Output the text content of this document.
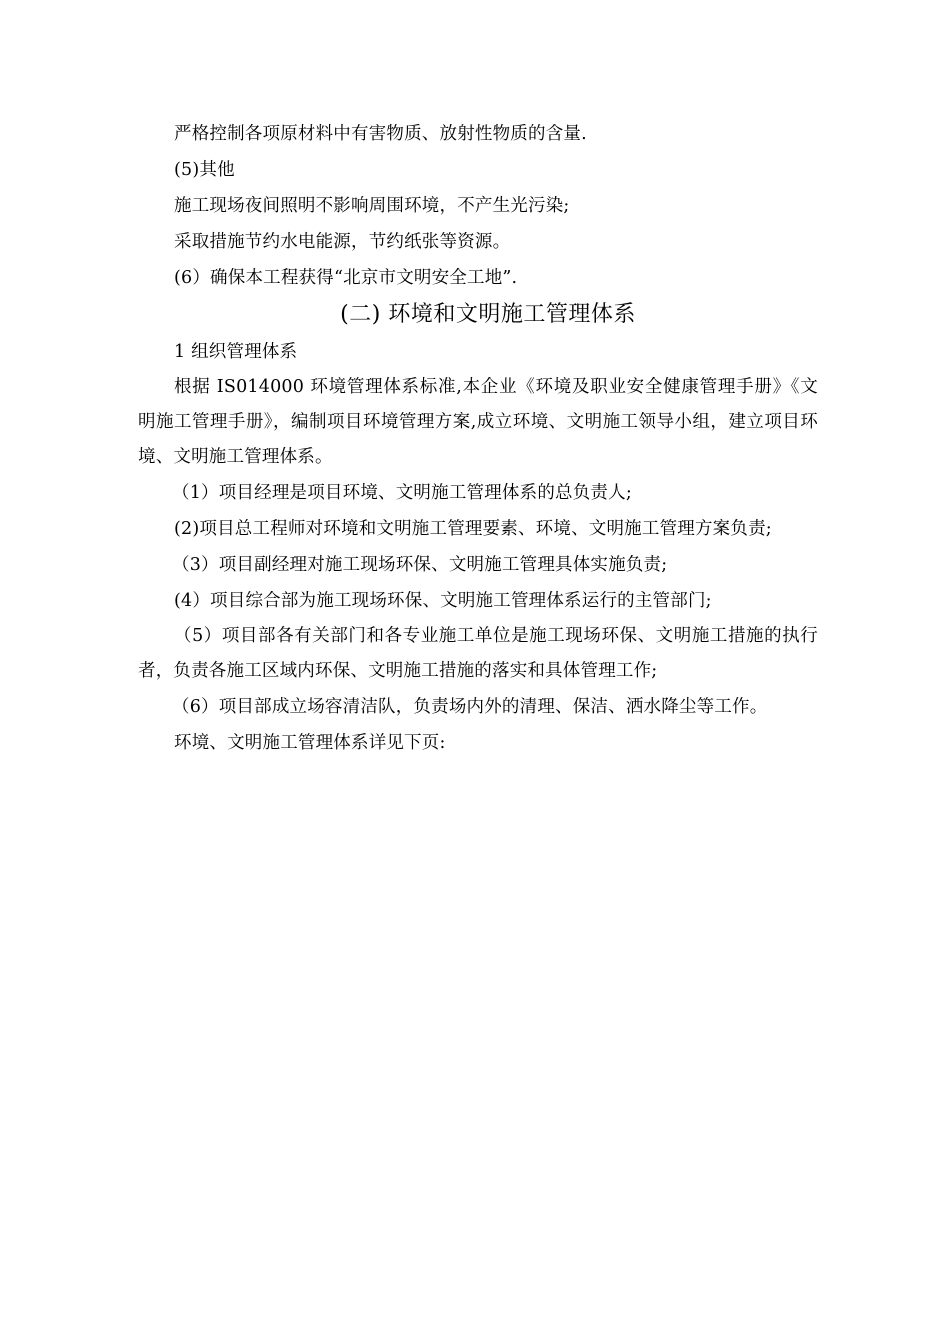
严格控制各项原材料中有害物质、放射性物质的含量.
(5)其他
施工现场夜间照明不影响周围环境，不产生光污染;
采取措施节约水电能源，节约纸张等资源。
(6）确保本工程获得“北京市文明安全工地”.
(二) 环境和文明施工管理体系
1 组织管理体系
根据 IS014000 环境管理体系标准,本企业《环境及职业安全健康管理手册》《文明施工管理手册》，编制项目环境管理方案,成立环境、文明施工领导小组，建立项目环境、文明施工管理体系。
（1）项目经理是项目环境、文明施工管理体系的总负责人;
(2)项目总工程师对环境和文明施工管理要素、环境、文明施工管理方案负责;
（3）项目副经理对施工现场环保、文明施工管理具体实施负责;
(4）项目综合部为施工现场环保、文明施工管理体系运行的主管部门;
（5）项目部各有关部门和各专业施工单位是施工现场环保、文明施工措施的执行者，负责各施工区域内环保、文明施工措施的落实和具体管理工作;
（6）项目部成立场容清洁队，负责场内外的清理、保洁、洒水降尘等工作。
环境、文明施工管理体系详见下页:
